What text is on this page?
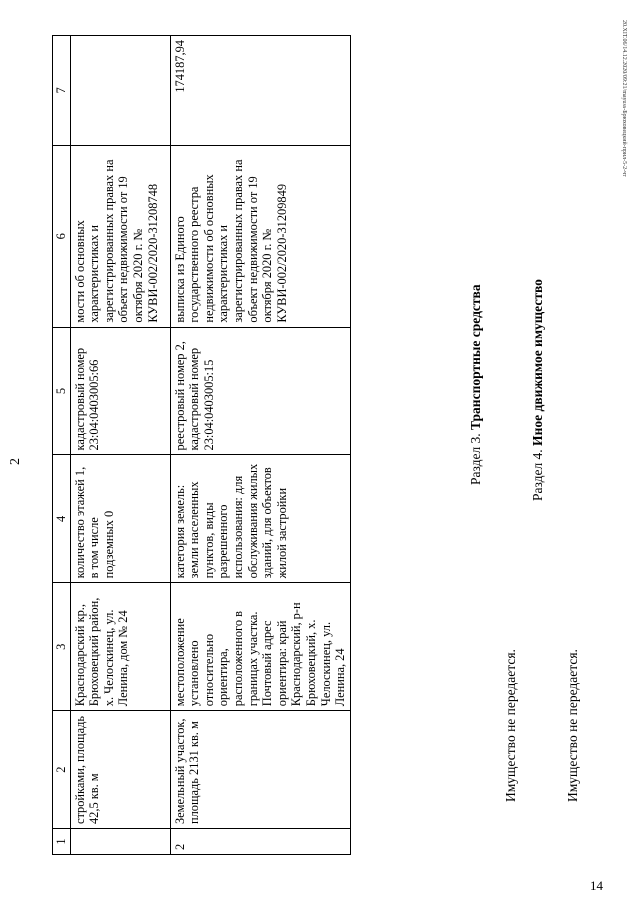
14
20.XIT.06/14.12.2020/09:21/mayuss-Брюховецкий-прил-5-2-чт
2
1	2	3	4	5	6	7
	стройками, площадь 42,5 кв. м	Краснодарский кр., Брюховецкий район, х. Челоскинец, ул. Ленина, дом № 24	количество этажей 1, в том числе подземных 0	кадастровый номер 23:04:0403005:66	мости об основных характеристиках и зарегистрированных правах на объект недвижимости от 19 октября 2020 г. № КУВИ-002/2020-31208748	
2	Земельный участок, площадь 2131 кв. м	местоположение установлено относительно ориентира, расположенного в границах участка. Почтовый адрес ориентира: край Краснодарский, р-н Брюховецкий, х. Челоскинец, ул. Ленина, 24	категория земель: земли населенных пунктов, виды разрешенного использования: для обслуживания жилых зданий, для объектов жилой застройки	реестровый номер 2, кадастровый номер 23:04:0403005:15	выписка из Единого государственного реестра недвижимости об основных характеристиках и зарегистрированных правах на объект недвижимости от 19 октября 2020 г. № КУВИ-002/2020-31209849	174187,94
Раздел 3. Транспортные средства
Имущество не передается.
Раздел 4. Иное движимое имущество
Имущество не передается.
